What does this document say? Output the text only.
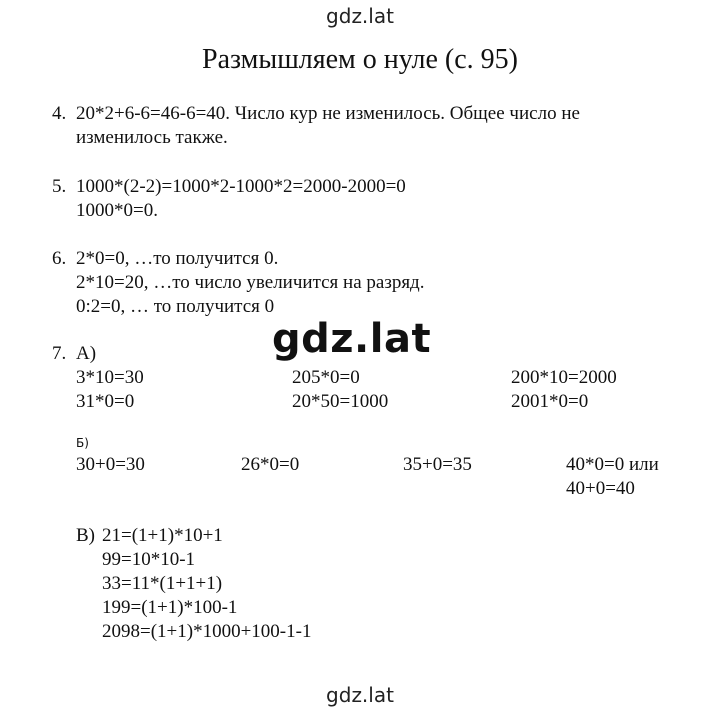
gdz.lat
Размышляем о нуле (с. 95)
4. 20*2+6-6=46-6=40. Число кур не изменилось. Общее число не
изменилось также.
5. 1000*(2-2)=1000*2-1000*2=2000-2000=0
1000*0=0.
6. 2*0=0, …то получится 0.
2*10=20, …то число увеличится на разряд.
0:2=0, … то получится 0
gdz.lat
7. А)
3*10=30	205*0=0	200*10=2000
31*0=0	20*50=1000	2001*0=0
Б)
30+0=30	26*0=0	35+0=35	40*0=0 или
40+0=40
В) 21=(1+1)*10+1
99=10*10-1
33=11*(1+1+1)
199=(1+1)*100-1
2098=(1+1)*1000+100-1-1
gdz.lat
